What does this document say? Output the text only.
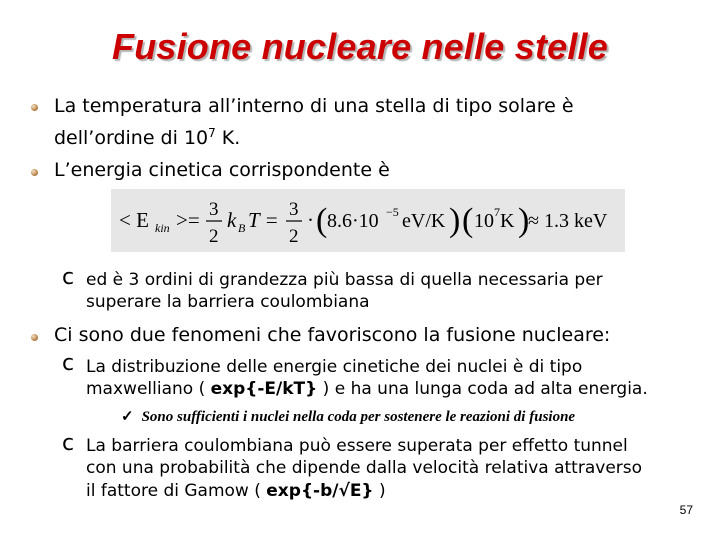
Fusione nucleare nelle stelle
La temperatura all’interno di una stella di tipo solare è
dell’ordine di $10^7$ K.
L’energia cinetica corrispondente è
< E kin >= 3
2
k B T = 3
2
· ( 8.6·10 −5 eV/K ) ( 10 7 K )
≈ 1.3 keV
c ed è 3 ordini di grandezza più bassa di quella necessaria per
superare la barriera coulombiana
Ci sono due fenomeni che favoriscono la fusione nucleare:
c La distribuzione delle energie cinetiche dei nuclei è di tipo
maxwelliano ( exp{-E/kT} ) e ha una lunga coda ad alta energia.
✓ Sono sufficienti i nuclei nella coda per sostenere le reazioni di fusione
c La barriera coulombiana può essere superata per effetto tunnel
con una probabilità che dipende dalla velocità relativa attraverso
il fattore di Gamow ( exp{-b/√E} )
57
